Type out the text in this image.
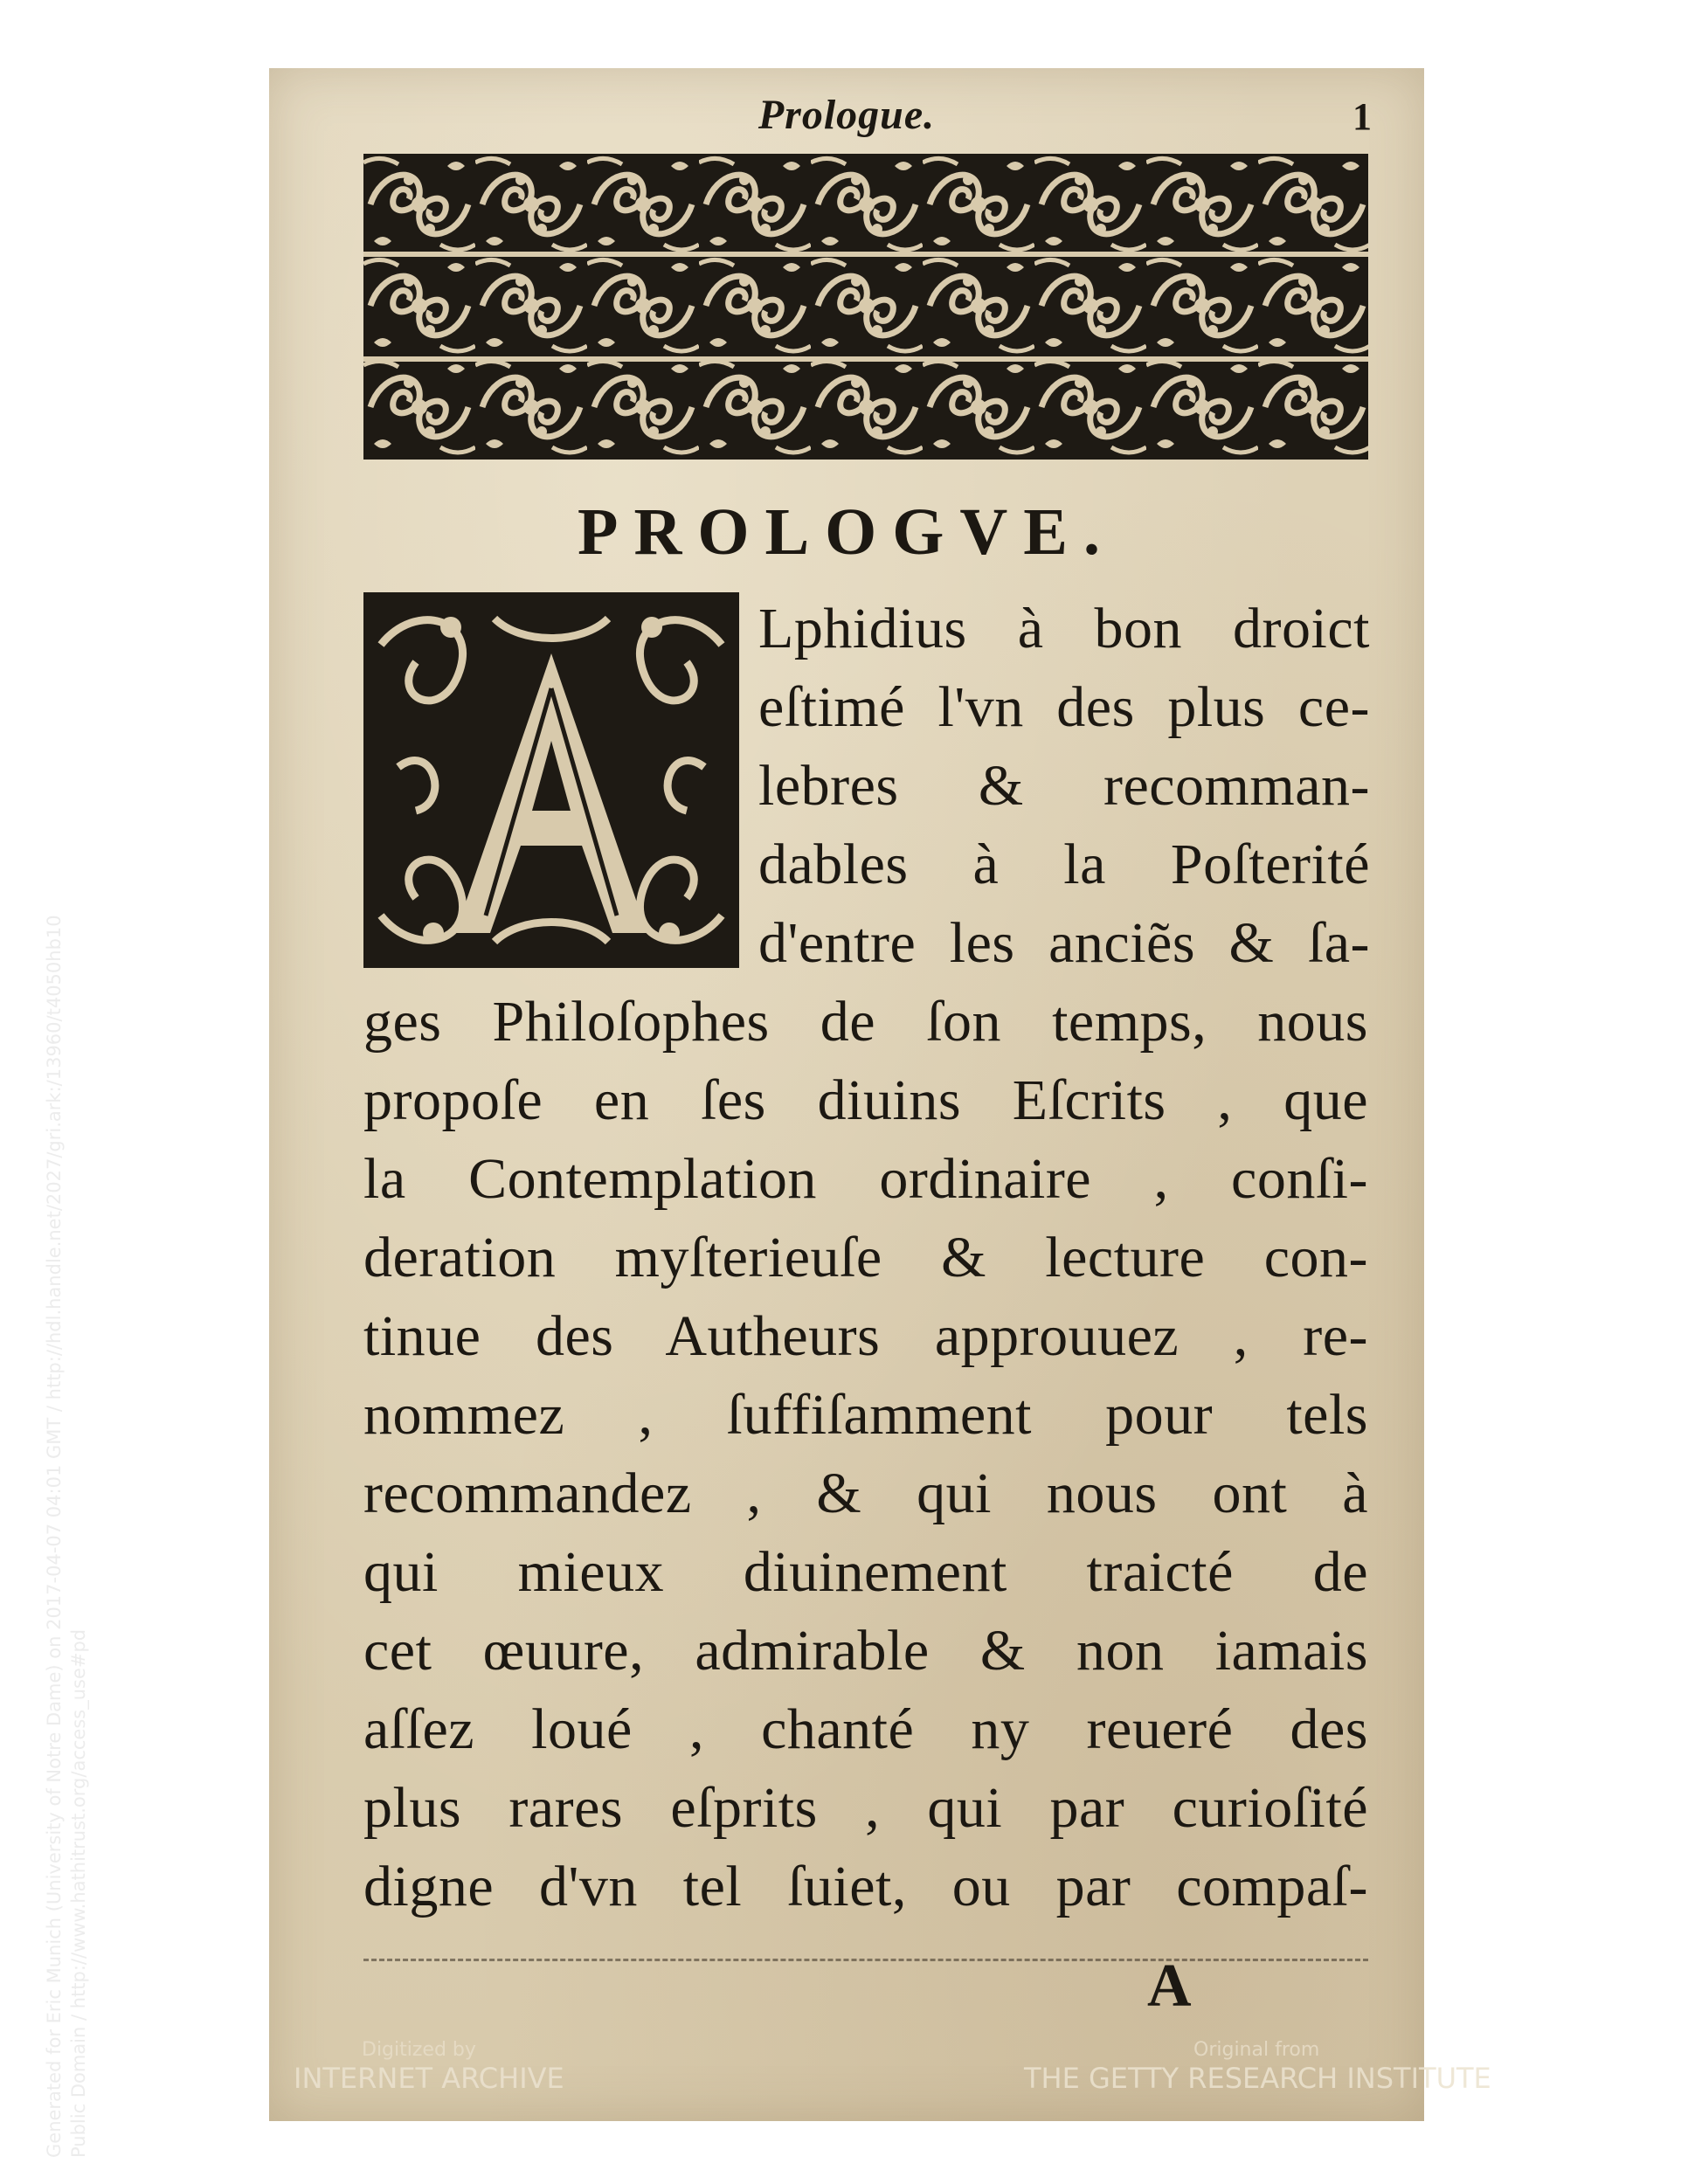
Generated for Eric Munich (University of Notre Dame) on 2017-04-07 04:01 GMT / http://hdl.handle.net/2027/gri.ark:/13960/t4050hb10 Public Domain / http://www.hathitrust.org/access_use#pd
Prologue.	1
PROLOGVE.
Lphidius à bon droict
eſtimé l'vn des plus ce-
lebres & recomman-
dables à la Poſterité
d'entre les anciẽs & ſa-
ges Philoſophes de ſon temps, nous
propoſe en ſes diuins Eſcrits , que
la Contemplation ordinaire , conſi-
deration myſterieuſe & lecture con-
tinue des Autheurs approuuez , re-
nommez , ſuffiſamment pour tels
recommandez , & qui nous ont à
qui mieux diuinement traicté de
cet œuure, admirable & non iamais
aſſez loué , chanté ny reueré des
plus rares eſprits , qui par curioſité
digne d'vn tel ſuiet, ou par compaſ-
A
Digitized by
INTERNET ARCHIVE
Original from
THE GETTY RESEARCH INSTITUTE
